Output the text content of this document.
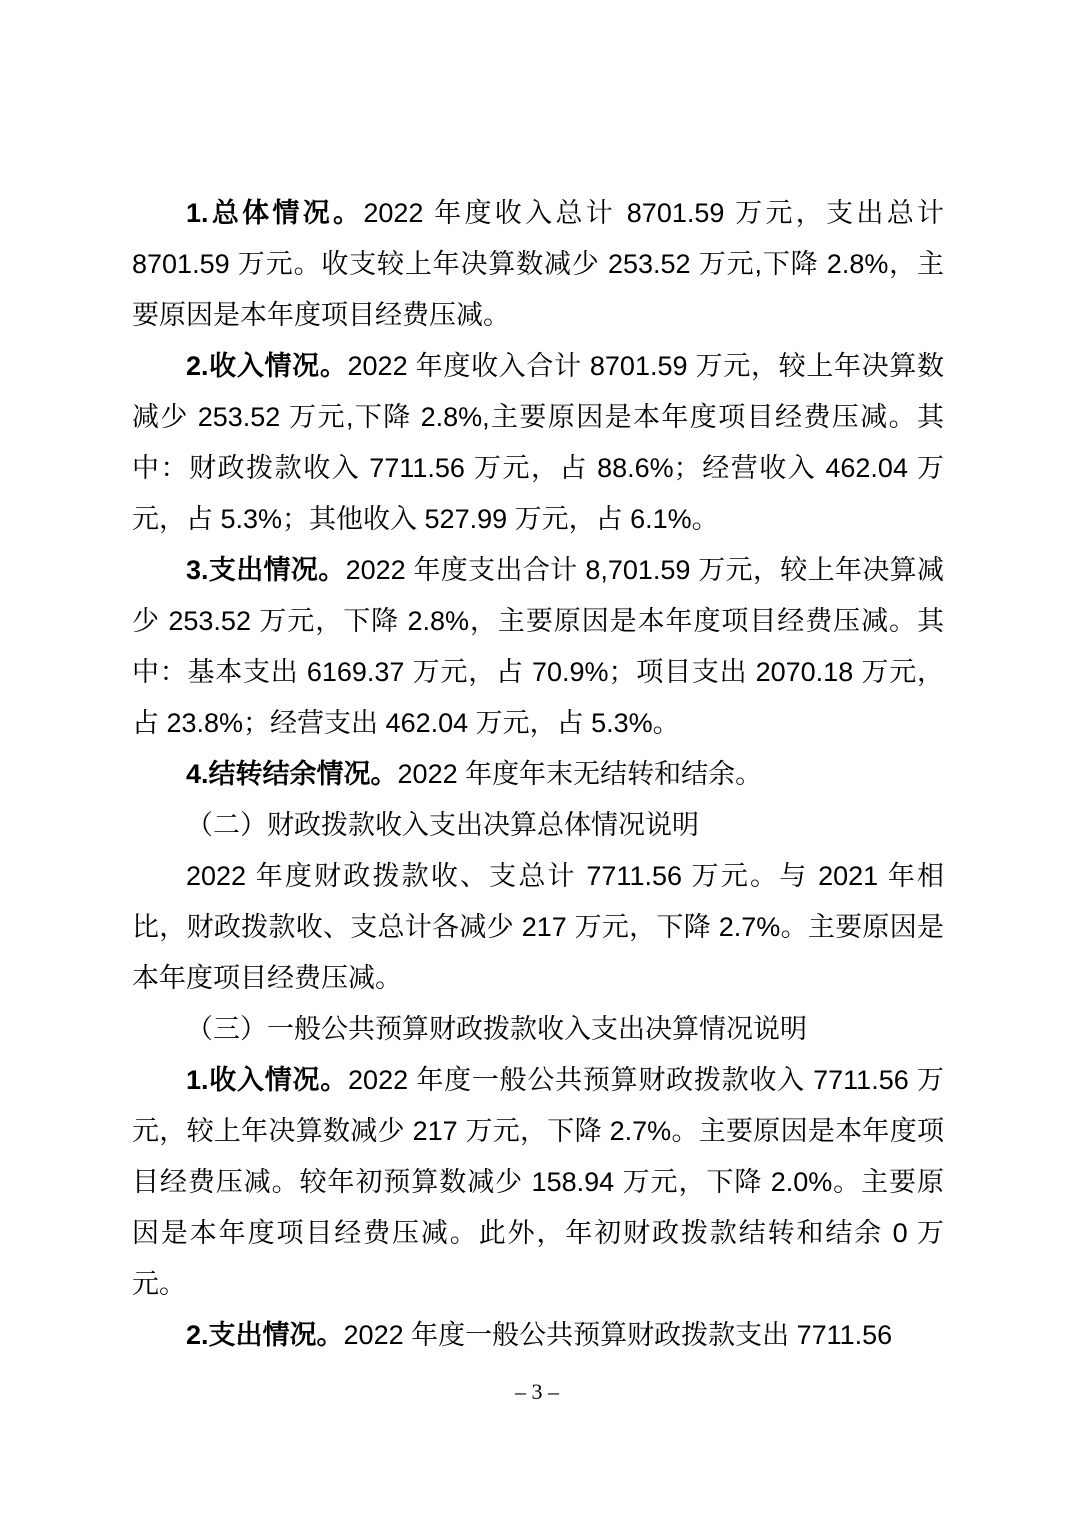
1.总体情况。2022 年度收入总计 8701.59 万元，支出总计 8701.59 万元。收支较上年决算数减少 253.52 万元,下降 2.8%，主要原因是本年度项目经费压减。

2.收入情况。2022 年度收入合计 8701.59 万元，较上年决算数减少 253.52 万元,下降 2.8%,主要原因是本年度项目经费压减。其中：财政拨款收入 7711.56 万元，占 88.6%；经营收入 462.04 万元，占 5.3%；其他收入 527.99 万元，占 6.1%。

3.支出情况。2022 年度支出合计 8,701.59 万元，较上年决算减少 253.52 万元，下降 2.8%，主要原因是本年度项目经费压减。其中：基本支出 6169.37 万元，占 70.9%；项目支出 2070.18 万元，占 23.8%；经营支出 462.04 万元，占 5.3%。

4.结转结余情况。2022 年度年末无结转和结余。

（二）财政拨款收入支出决算总体情况说明

2022 年度财政拨款收、支总计 7711.56 万元。与 2021 年相比，财政拨款收、支总计各减少 217 万元，下降 2.7%。主要原因是本年度项目经费压减。

（三）一般公共预算财政拨款收入支出决算情况说明

1.收入情况。2022 年度一般公共预算财政拨款收入 7711.56 万元，较上年决算数减少 217 万元，下降 2.7%。主要原因是本年度项目经费压减。较年初预算数减少 158.94 万元，下降 2.0%。主要原因是本年度项目经费压减。此外，年初财政拨款结转和结余 0 万元。

2.支出情况。2022 年度一般公共预算财政拨款支出 7711.56

– 3 –
